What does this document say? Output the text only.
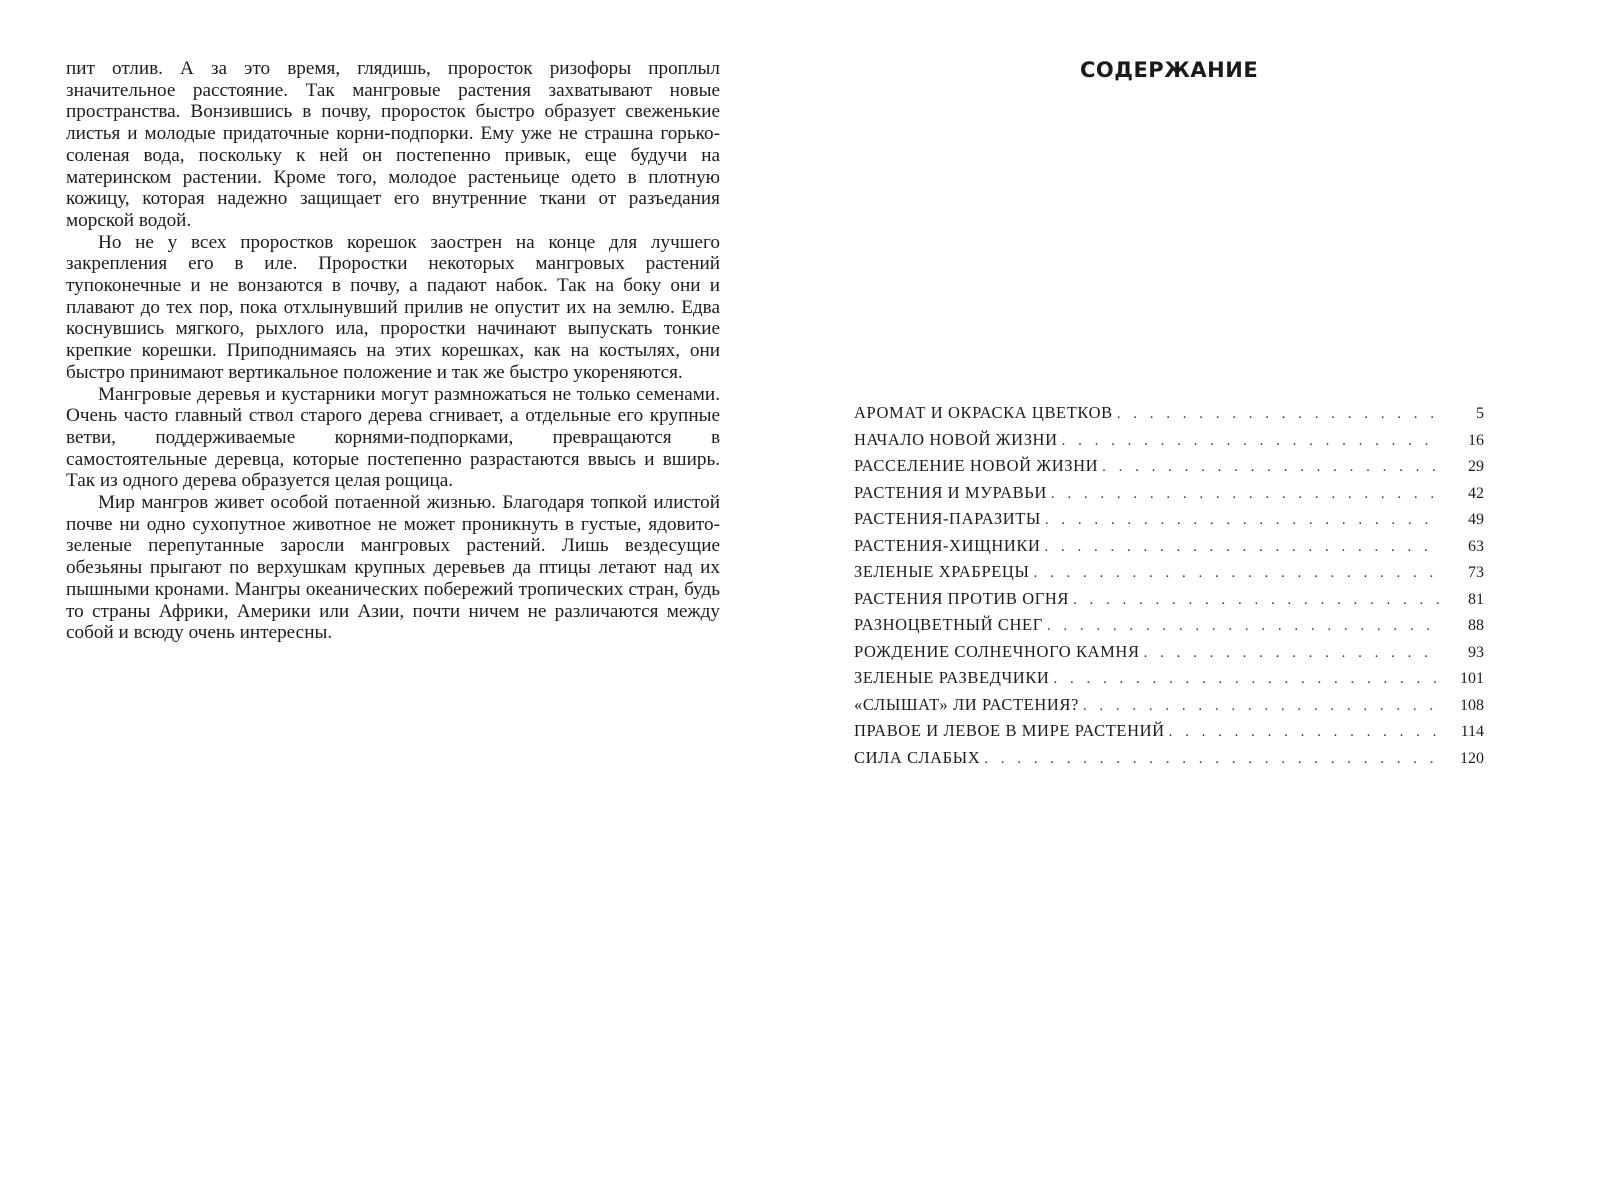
пит отлив. А за это время, глядишь, проросток ризофоры проплыл значительное расстояние. Так мангровые растения захватывают новые пространства. Вонзившись в почву, проросток быстро образует свеженькие листья и молодые придаточные корни-подпорки. Ему уже не страшна горько-соленая вода, поскольку к ней он постепенно привык, еще будучи на материнском растении. Кроме того, молодое растеньице одето в плотную кожицу, которая надежно защищает его внутренние ткани от разъедания морской водой.

Но не у всех проростков корешок заострен на конце для лучшего закрепления его в иле. Проростки некоторых мангровых растений тупоконечные и не вонзаются в почву, а падают набок. Так на боку они и плавают до тех пор, пока отхлынувший прилив не опустит их на землю. Едва коснувшись мягкого, рыхлого ила, проростки начинают выпускать тонкие крепкие корешки. Приподнимаясь на этих корешках, как на костылях, они быстро принимают вертикальное положение и так же быстро укореняются.

Мангровые деревья и кустарники могут размножаться не только семенами. Очень часто главный ствол старого дерева сгнивает, а отдельные его крупные ветви, поддерживаемые корнями-подпорками, превращаются в самостоятельные деревца, которые постепенно разрастаются ввысь и вширь. Так из одного дерева образуется целая рощица.

Мир мангров живет особой потаенной жизнью. Благодаря топкой илистой почве ни одно сухопутное животное не может проникнуть в густые, ядовито-зеленые перепутанные заросли мангровых растений. Лишь вездесущие обезьяны прыгают по верхушкам крупных деревьев да птицы летают над их пышными кронами. Мангры океанических побережий тропических стран, будь то страны Африки, Америки или Азии, почти ничем не различаются между собой и всюду очень интересны.

СОДЕРЖАНИЕ
АРОМАТ И ОКРАСКА ЦВЕТКОВ . . .	5
НАЧАЛО НОВОЙ ЖИЗНИ . . .	16
РАССЕЛЕНИЕ НОВОЙ ЖИЗНИ . . .	29
РАСТЕНИЯ И МУРАВЬИ . . .	42
РАСТЕНИЯ-ПАРАЗИТЫ . . .	49
РАСТЕНИЯ-ХИЩНИКИ . . .	63
ЗЕЛЕНЫЕ ХРАБРЕЦЫ . . .	73
РАСТЕНИЯ ПРОТИВ ОГНЯ . . .	81
РАЗНОЦВЕТНЫЙ СНЕГ . . .	88
РОЖДЕНИЕ СОЛНЕЧНОГО КАМНЯ . . .	93
ЗЕЛЕНЫЕ РАЗВЕДЧИКИ . . .	101
«СЛЫШАТ» ЛИ РАСТЕНИЯ? . . .	108
ПРАВОЕ И ЛЕВОЕ В МИРЕ РАСТЕНИЙ . . .	114
СИЛА СЛАБЫХ . . .	120
